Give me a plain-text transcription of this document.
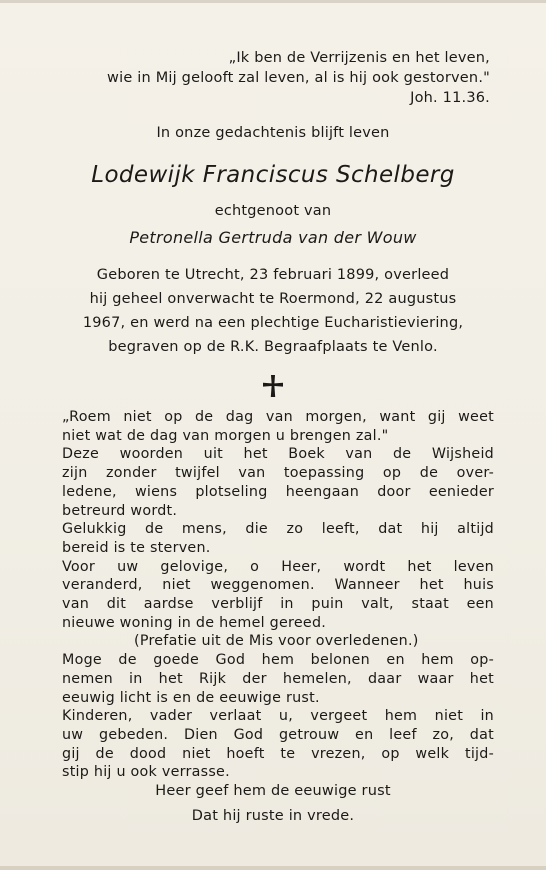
„Ik ben de Verrijzenis en het leven,
wie in Mij gelooft zal leven, al is hij ook gestorven."
Joh. 11.36.
In onze gedachtenis blijft leven
Lodewijk Franciscus Schelberg
echtgenoot van
Petronella Gertruda van der Wouw
Geboren te Utrecht, 23 februari 1899, overleed
hij geheel onverwacht te Roermond, 22 augustus
1967, en werd na een plechtige Eucharistieviering,
begraven op de R.K. Begraafplaats te Venlo.
„Roem niet op de dag van morgen, want gij weet
niet wat de dag van morgen u brengen zal."
Deze woorden uit het Boek van de Wijsheid
zijn zonder twijfel van toepassing op de over-
ledene, wiens plotseling heengaan door eenieder
betreurd wordt.
Gelukkig de mens, die zo leeft, dat hij altijd
bereid is te sterven.
Voor uw gelovige, o Heer, wordt het leven
veranderd, niet weggenomen. Wanneer het huis
van dit aardse verblijf in puin valt, staat een
nieuwe woning in de hemel gereed.
(Prefatie uit de Mis voor overledenen.)
Moge de goede God hem belonen en hem op-
nemen in het Rijk der hemelen, daar waar het
eeuwig licht is en de eeuwige rust.
Kinderen, vader verlaat u, vergeet hem niet in
uw gebeden. Dien God getrouw en leef zo, dat
gij de dood niet hoeft te vrezen, op welk tijd-
stip hij u ook verrasse.
Heer geef hem de eeuwige rust
Dat hij ruste in vrede.
